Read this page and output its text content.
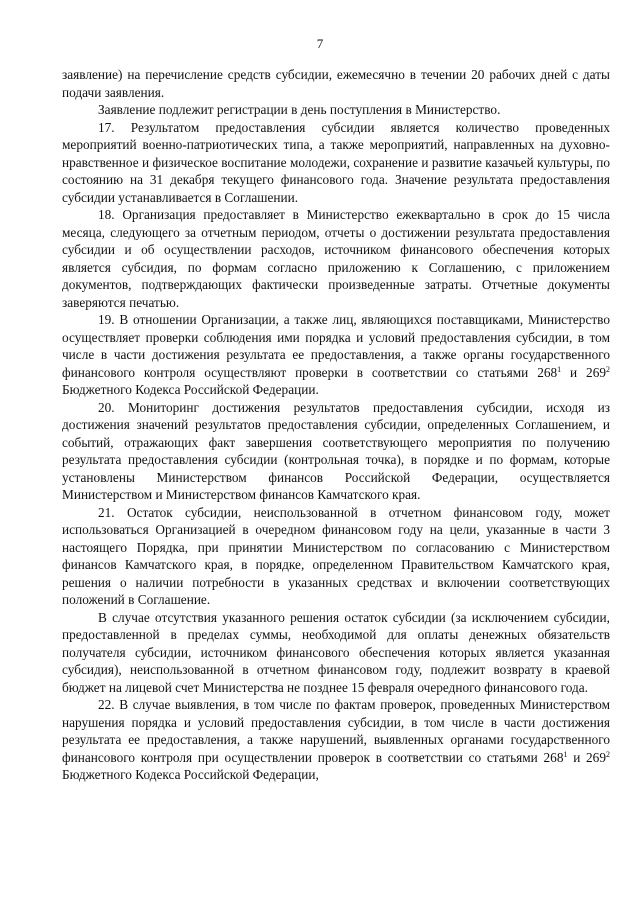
7

заявление) на перечисление средств субсидии, ежемесячно в течении 20 рабочих дней с даты подачи заявления.

Заявление подлежит регистрации в день поступления в Министерство.

17. Результатом предоставления субсидии является количество проведенных мероприятий военно-патриотических типа, а также мероприятий, направленных на духовно-нравственное и физическое воспитание молодежи, сохранение и развитие казачьей культуры, по состоянию на 31 декабря текущего финансового года. Значение результата предоставления субсидии устанавливается в Соглашении.

18. Организация предоставляет в Министерство ежеквартально в срок до 15 числа месяца, следующего за отчетным периодом, отчеты о достижении результата предоставления субсидии и об осуществлении расходов, источником финансового обеспечения которых является субсидия, по формам согласно приложению к Соглашению, с приложением документов, подтверждающих фактически произведенные затраты. Отчетные документы заверяются печатью.

19. В отношении Организации, а также лиц, являющихся поставщиками, Министерство осуществляет проверки соблюдения ими порядка и условий предоставления субсидии, в том числе в части достижения результата ее предоставления, а также органы государственного финансового контроля осуществляют проверки в соответствии со статьями $268^1$ и $269^2$ Бюджетного Кодекса Российской Федерации.

20. Мониторинг достижения результатов предоставления субсидии, исходя из достижения значений результатов предоставления субсидии, определенных Соглашением, и событий, отражающих факт завершения соответствующего мероприятия по получению результата предоставления субсидии (контрольная точка), в порядке и по формам, которые установлены Министерством финансов Российской Федерации, осуществляется Министерством и Министерством финансов Камчатского края.

21. Остаток субсидии, неиспользованной в отчетном финансовом году, может использоваться Организацией в очередном финансовом году на цели, указанные в части 3 настоящего Порядка, при принятии Министерством по согласованию с Министерством финансов Камчатского края, в порядке, определенном Правительством Камчатского края, решения о наличии потребности в указанных средствах и включении соответствующих положений в Соглашение.

В случае отсутствия указанного решения остаток субсидии (за исключением субсидии, предоставленной в пределах суммы, необходимой для оплаты денежных обязательств получателя субсидии, источником финансового обеспечения которых является указанная субсидия), неиспользованной в отчетном финансовом году, подлежит возврату в краевой бюджет на лицевой счет Министерства не позднее 15 февраля очередного финансового года.

22. В случае выявления, в том числе по фактам проверок, проведенных Министерством нарушения порядка и условий предоставления субсидии, в том числе в части достижения результата ее предоставления, а также нарушений, выявленных органами государственного финансового контроля при осуществлении проверок в соответствии со статьями $268^1$ и $269^2$ Бюджетного Кодекса Российской Федерации,
